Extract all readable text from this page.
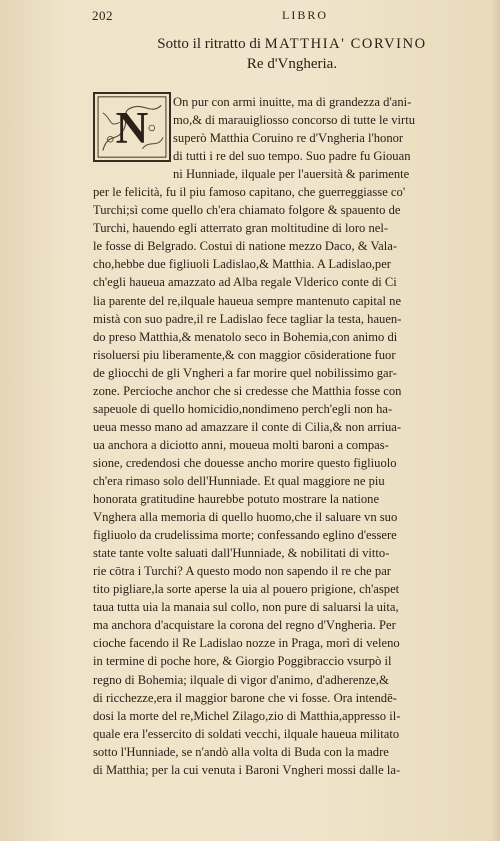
202	LIBRO
Sotto il ritratto di MATTHIA' CORVINO
Re d'Vngheria.
N
On pur con armi inuitte, ma di grandezza d'ani-
mo,& di marauigliosso concorso di tutte le virtu
superò Matthia Coruino re d'Vngheria l'honor
di tutti i re del suo tempo. Suo padre fu Giouan
ni Hunniade, ilquale per l'auersità & parimente
per le felicità, fu il piu famoso capitano, che guerreggiasse co'
Turchi;sì come quello ch'era chiamato folgore & spauento de
Turchi, hauendo egli atterrato gran moltitudine di loro nel-
le fosse di Belgrado. Costui di natione mezzo Daco, & Vala-
cho,hebbe due figliuoli Ladislao,& Matthia. A Ladislao,per
ch'egli haueua amazzato ad Alba regale Vlderico conte di Ci
lia parente del re,ilquale haueua sempre mantenuto capital ne
mistà con suo padre,il re Ladislao fece tagliar la testa, hauen-
do preso Matthia,& menatolo seco in Bohemia,con animo di
risoluersi piu liberamente,& con maggior cōsideratione fuor
de gliocchi de gli Vngheri a far morire quel nobilissimo gar-
zone. Percioche anchor che si credesse che Matthia fosse con
sapeuole di quello homicidio,nondimeno perch'egli non ha-
ueua messo mano ad amazzare il conte di Cilia,& non arriua-
ua anchora a diciotto anni, moueua molti baroni a compas-
sione, credendosi che douesse ancho morire questo figliuolo
ch'era rimaso solo dell'Hunniade. Et qual maggiore ne piu
honorata gratitudine haurebbe potuto mostrare la natione
Vnghera alla memoria di quello huomo,che il saluare vn suo
figliuolo da crudelissima morte; confessando eglino d'essere
state tante volte saluati dall'Hunniade, & nobilitati di vitto-
rie cōtra i Turchi? A questo modo non sapendo il re che par
tito pigliare,la sorte aperse la uia al pouero prigione, ch'aspet
taua tutta uia la manaia sul collo, non pure di saluarsi la uita,
ma anchora d'acquistare la corona del regno d'Vngheria. Per
cioche facendo il Re Ladislao nozze in Praga, morì di veleno
in termine di poche hore, & Giorgio Poggibraccio vsurpò il
regno di Bohemia; ilquale di vigor d'animo, d'adherenze,&
di ricchezze,era il maggior barone che vi fosse. Ora intendē-
dosi la morte del re,Michel Zilago,zio di Matthia,appresso il-
quale era l'essercito di soldati vecchi, ilquale haueua militato
sotto l'Hunniade, se n'andò alla volta di Buda con la madre
di Matthia; per la cui venuta i Baroni Vngheri mossi dalle la-
